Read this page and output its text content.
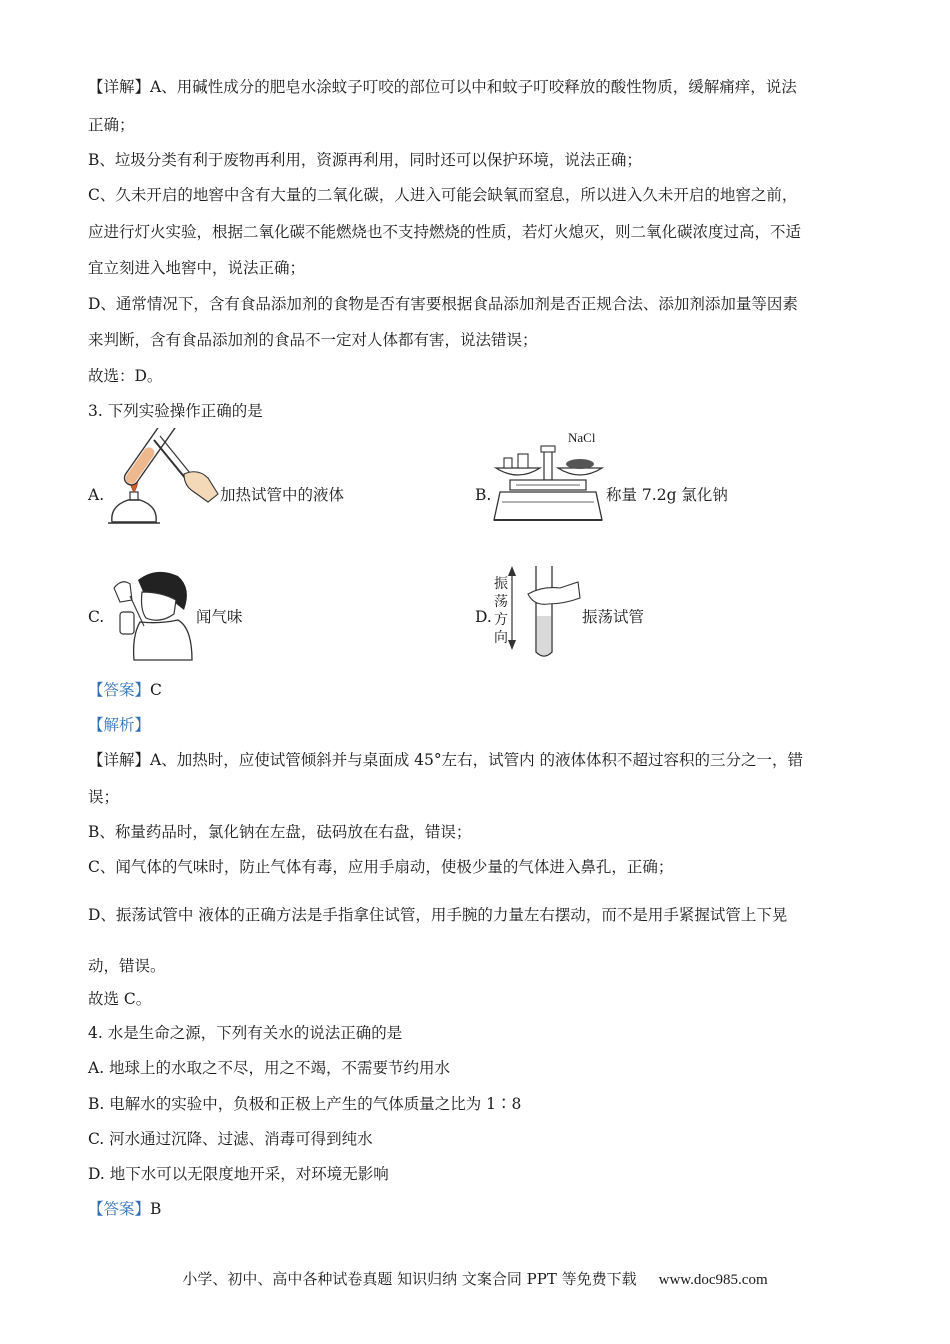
【详解】A、用碱性成分的肥皂水涂蚊子叮咬的部位可以中和蚊子叮咬释放的酸性物质，缓解痛痒，说法
正确；
B、垃圾分类有利于废物再利用，资源再利用，同时还可以保护环境，说法正确；
C、久未开启的地窖中含有大量的二氧化碳，人进入可能会缺氧而窒息，所以进入久未开启的地窖之前，
应进行灯火实验，根据二氧化碳不能燃烧也不支持燃烧的性质，若灯火熄灭，则二氧化碳浓度过高，不适
宜立刻进入地窖中，说法正确；
D、通常情况下，含有食品添加剂的食物是否有害要根据食品添加剂是否正规合法、添加剂添加量等因素
来判断，含有食品添加剂的食品不一定对人体都有害，说法错误；
故选：D。
3. 下列实验操作正确的是
A.	加热试管中的液体	B.
NaCl
称量 7.2g 氯化钠
C.	闻气味	D.
振
荡
方
向
振荡试管
【答案】C
【解析】
【详解】A、加热时，应使试管倾斜并与桌面成 45°左右，试管内 的液体体积不超过容积的三分之一，错
误；
B、称量药品时，氯化钠在左盘，砝码放在右盘，错误；
C、闻气体的气味时，防止气体有毒，应用手扇动，使极少量的气体进入鼻孔，正确；
D、振荡试管中 液体的正确方法是手指拿住试管，用手腕的力量左右摆动，而不是用手紧握试管上下晃
动，错误。
故选 C。
4. 水是生命之源，下列有关水的说法正确的是
A. 地球上的水取之不尽，用之不竭，不需要节约用水
B. 电解水的实验中，负极和正极上产生的气体质量之比为 1∶8
C. 河水通过沉降、过滤、消毒可得到纯水
D. 地下水可以无限度地开采，对环境无影响
【答案】B
小学、初中、高中各种试卷真题 知识归纳 文案合同 PPT 等免费下载 www.doc985.com
